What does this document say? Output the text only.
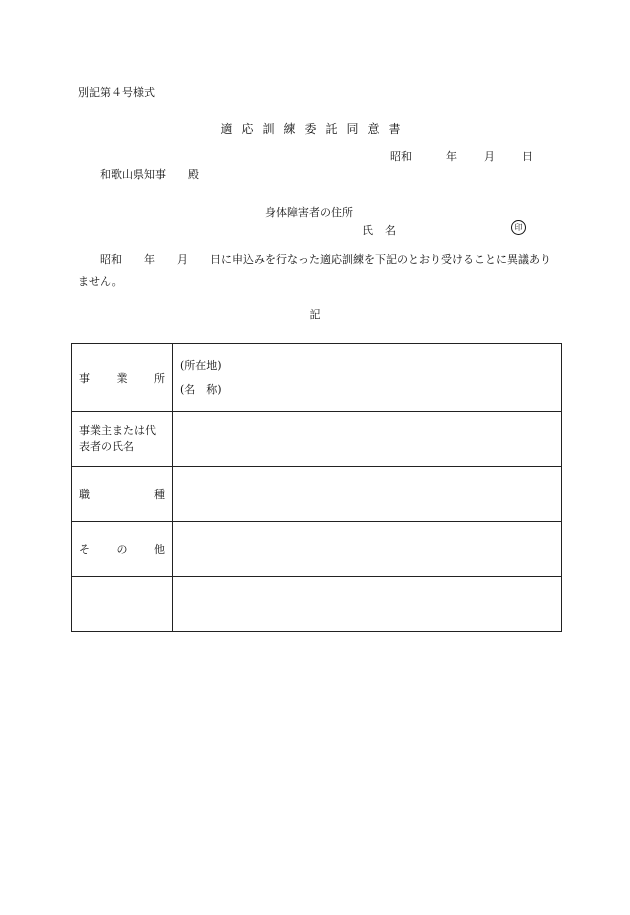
別記第４号様式
適応訓練委託同意書
昭和	年 月 日
和歌山県知事 殿
身体障害者の住所
氏 名	印
昭和　　年　　月　　日に申込みを行なった適応訓練を下記のとおり受けることに異議ありません。
記
事 業 所	(所在地)
(名　称)

事業主または代表者の氏名	

職 種	

そ の 他	
